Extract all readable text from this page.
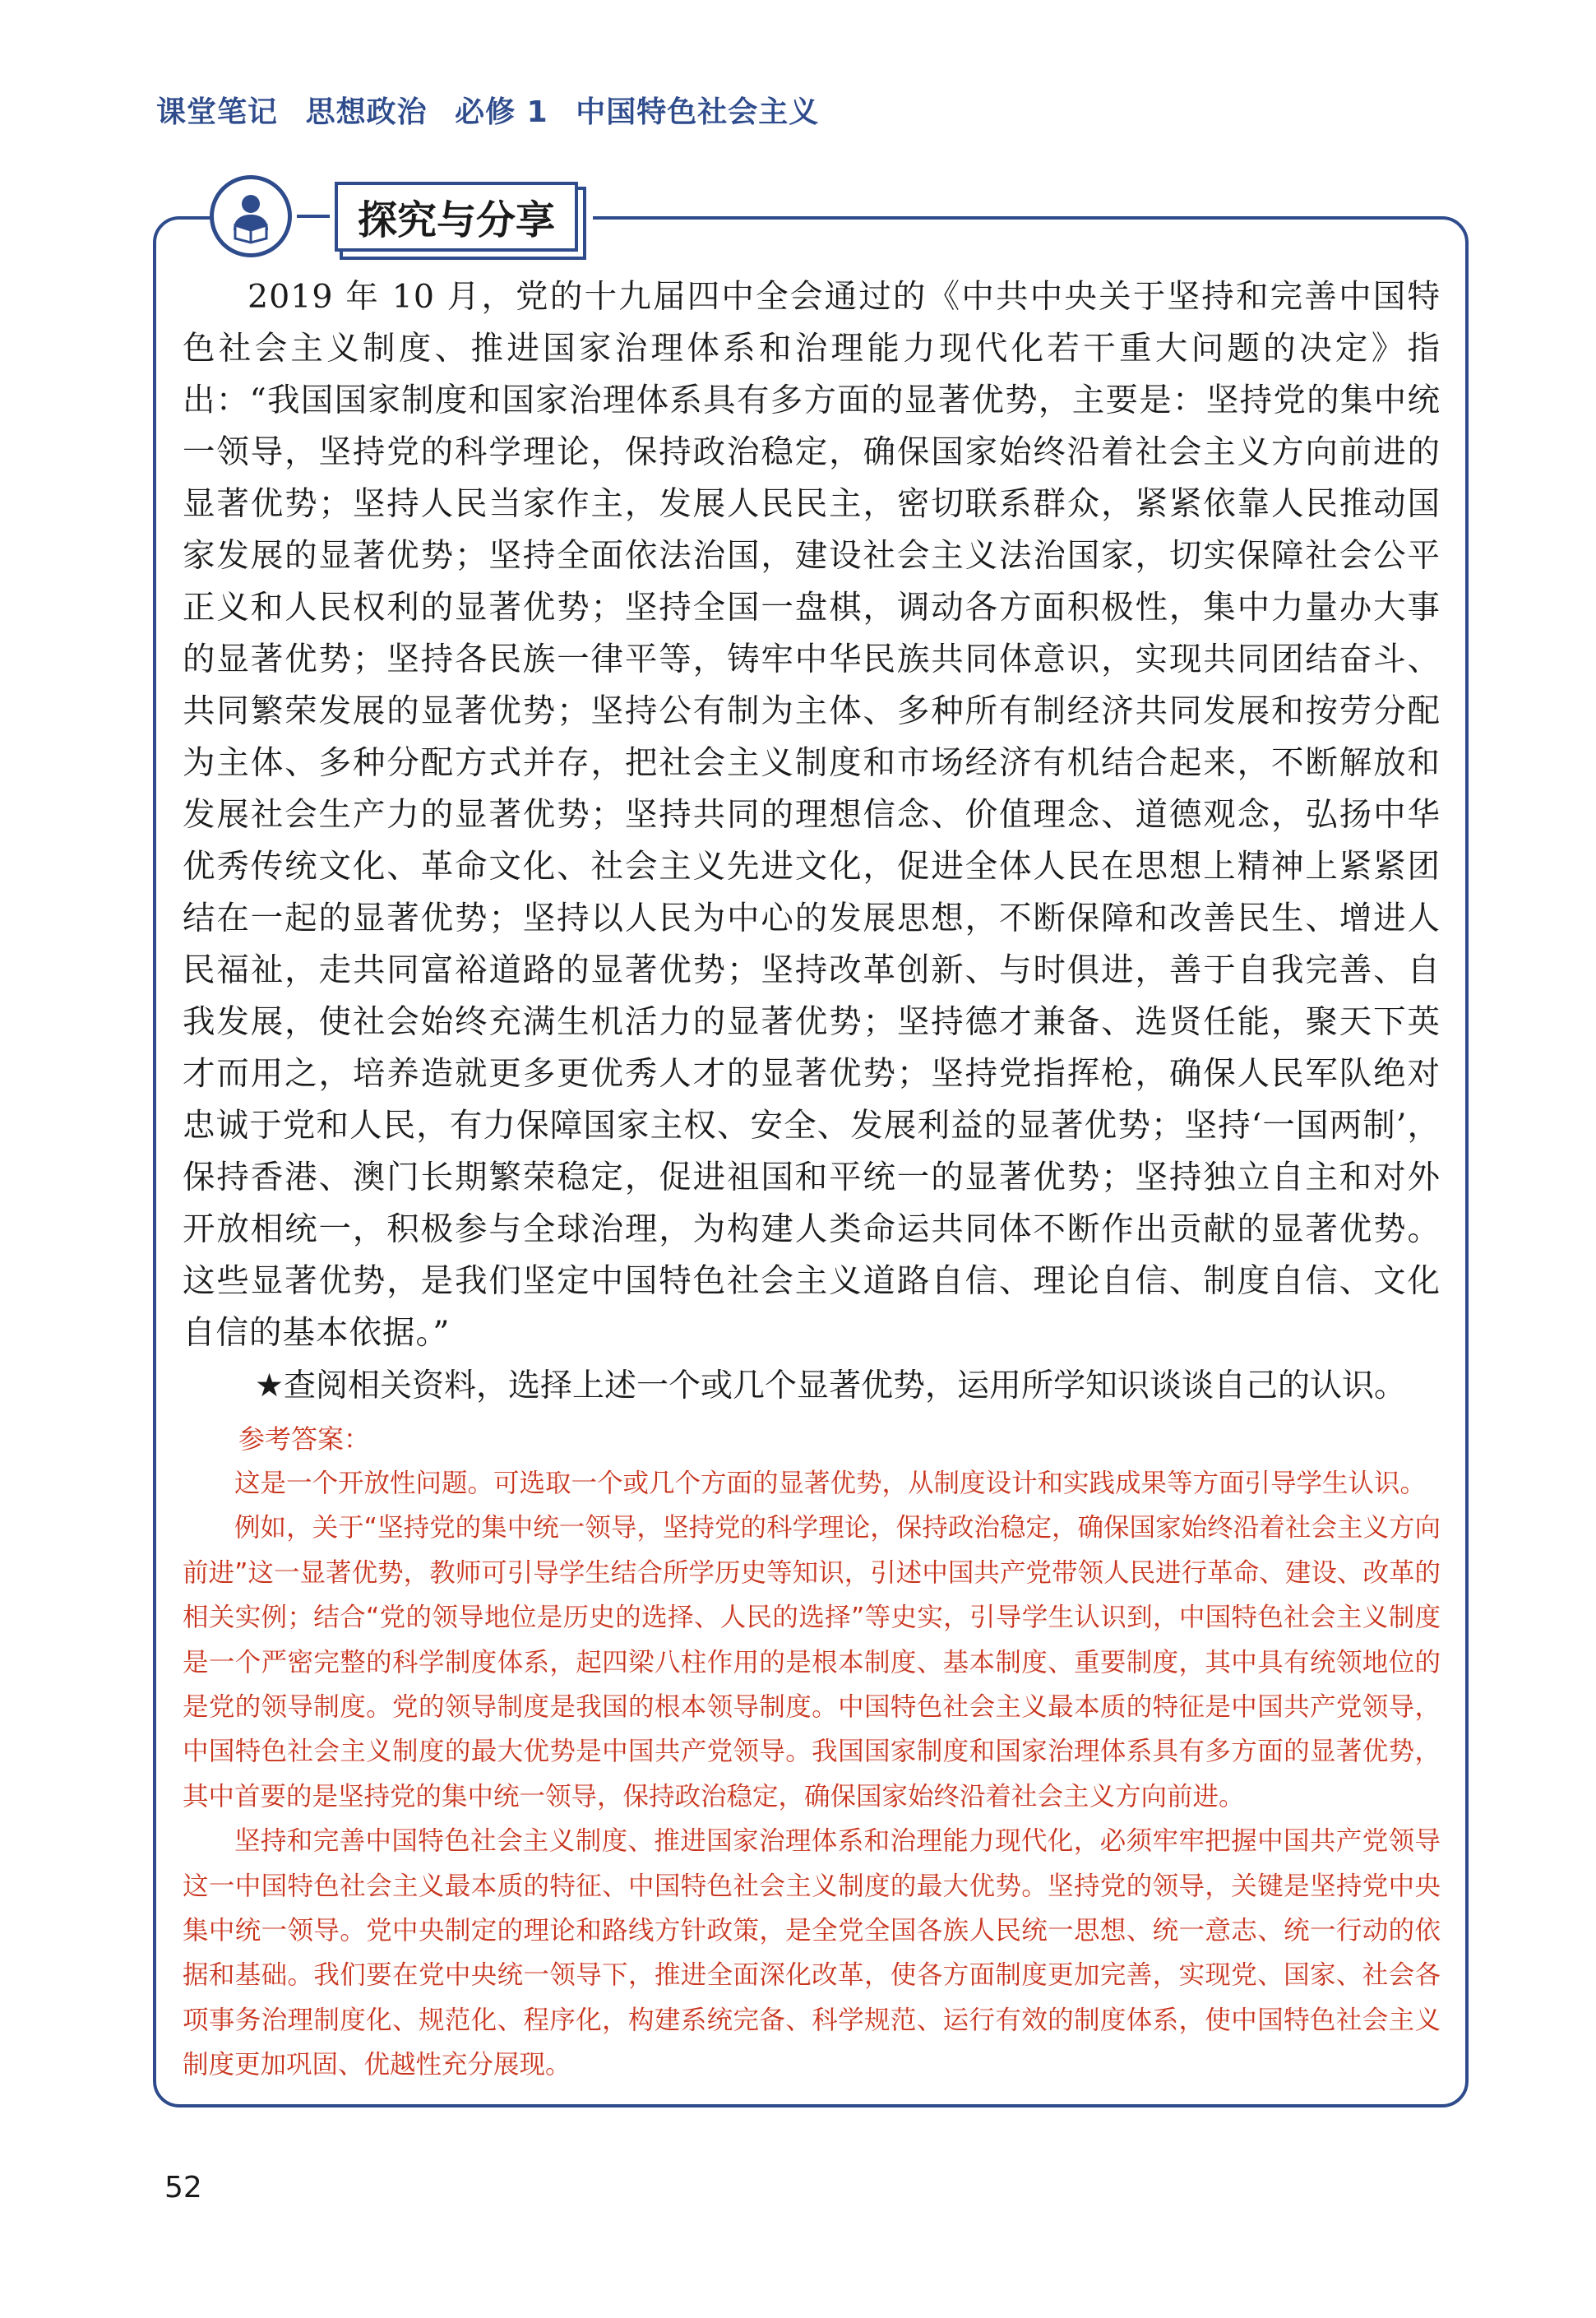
课堂笔记 思想政治 必修 1 中国特色社会主义
探究与分享

2019 年 10 月，党的十九届四中全会通过的《中共中央关于坚持和完善中国特色社会主义制度、推进国家治理体系和治理能力现代化若干重大问题的决定》指出：“我国国家制度和国家治理体系具有多方面的显著优势，主要是：坚持党的集中统一领导，坚持党的科学理论，保持政治稳定，确保国家始终沿着社会主义方向前进的显著优势；坚持人民当家作主，发展人民民主，密切联系群众，紧紧依靠人民推动国家发展的显著优势；坚持全面依法治国，建设社会主义法治国家，切实保障社会公平正义和人民权利的显著优势；坚持全国一盘棋，调动各方面积极性，集中力量办大事的显著优势；坚持各民族一律平等，铸牢中华民族共同体意识，实现共同团结奋斗、共同繁荣发展的显著优势；坚持公有制为主体、多种所有制经济共同发展和按劳分配为主体、多种分配方式并存，把社会主义制度和市场经济有机结合起来，不断解放和发展社会生产力的显著优势；坚持共同的理想信念、价值理念、道德观念，弘扬中华优秀传统文化、革命文化、社会主义先进文化，促进全体人民在思想上精神上紧紧团结在一起的显著优势；坚持以人民为中心的发展思想，不断保障和改善民生、增进人民福祉，走共同富裕道路的显著优势；坚持改革创新、与时俱进，善于自我完善、自我发展，使社会始终充满生机活力的显著优势；坚持德才兼备、选贤任能，聚天下英才而用之，培养造就更多更优秀人才的显著优势；坚持党指挥枪，确保人民军队绝对忠诚于党和人民，有力保障国家主权、安全、发展利益的显著优势；坚持‘一国两制’，保持香港、澳门长期繁荣稳定，促进祖国和平统一的显著优势；坚持独立自主和对外开放相统一，积极参与全球治理，为构建人类命运共同体不断作出贡献的显著优势。这些显著优势，是我们坚定中国特色社会主义道路自信、理论自信、制度自信、文化自信的基本依据。”

★查阅相关资料，选择上述一个或几个显著优势，运用所学知识谈谈自己的认识。

参考答案：

这是一个开放性问题。可选取一个或几个方面的显著优势，从制度设计和实践成果等方面引导学生认识。

例如，关于“坚持党的集中统一领导，坚持党的科学理论，保持政治稳定，确保国家始终沿着社会主义方向前进”这一显著优势，教师可引导学生结合所学历史等知识，引述中国共产党带领人民进行革命、建设、改革的相关实例；结合“党的领导地位是历史的选择、人民的选择”等史实，引导学生认识到，中国特色社会主义制度是一个严密完整的科学制度体系，起四梁八柱作用的是根本制度、基本制度、重要制度，其中具有统领地位的是党的领导制度。党的领导制度是我国的根本领导制度。中国特色社会主义最本质的特征是中国共产党领导，中国特色社会主义制度的最大优势是中国共产党领导。我国国家制度和国家治理体系具有多方面的显著优势，其中首要的是坚持党的集中统一领导，保持政治稳定，确保国家始终沿着社会主义方向前进。

坚持和完善中国特色社会主义制度、推进国家治理体系和治理能力现代化，必须牢牢把握中国共产党领导这一中国特色社会主义最本质的特征、中国特色社会主义制度的最大优势。坚持党的领导，关键是坚持党中央集中统一领导。党中央制定的理论和路线方针政策，是全党全国各族人民统一思想、统一意志、统一行动的依据和基础。我们要在党中央统一领导下，推进全面深化改革，使各方面制度更加完善，实现党、国家、社会各项事务治理制度化、规范化、程序化，构建系统完备、科学规范、运行有效的制度体系，使中国特色社会主义制度更加巩固、优越性充分展现。

52
